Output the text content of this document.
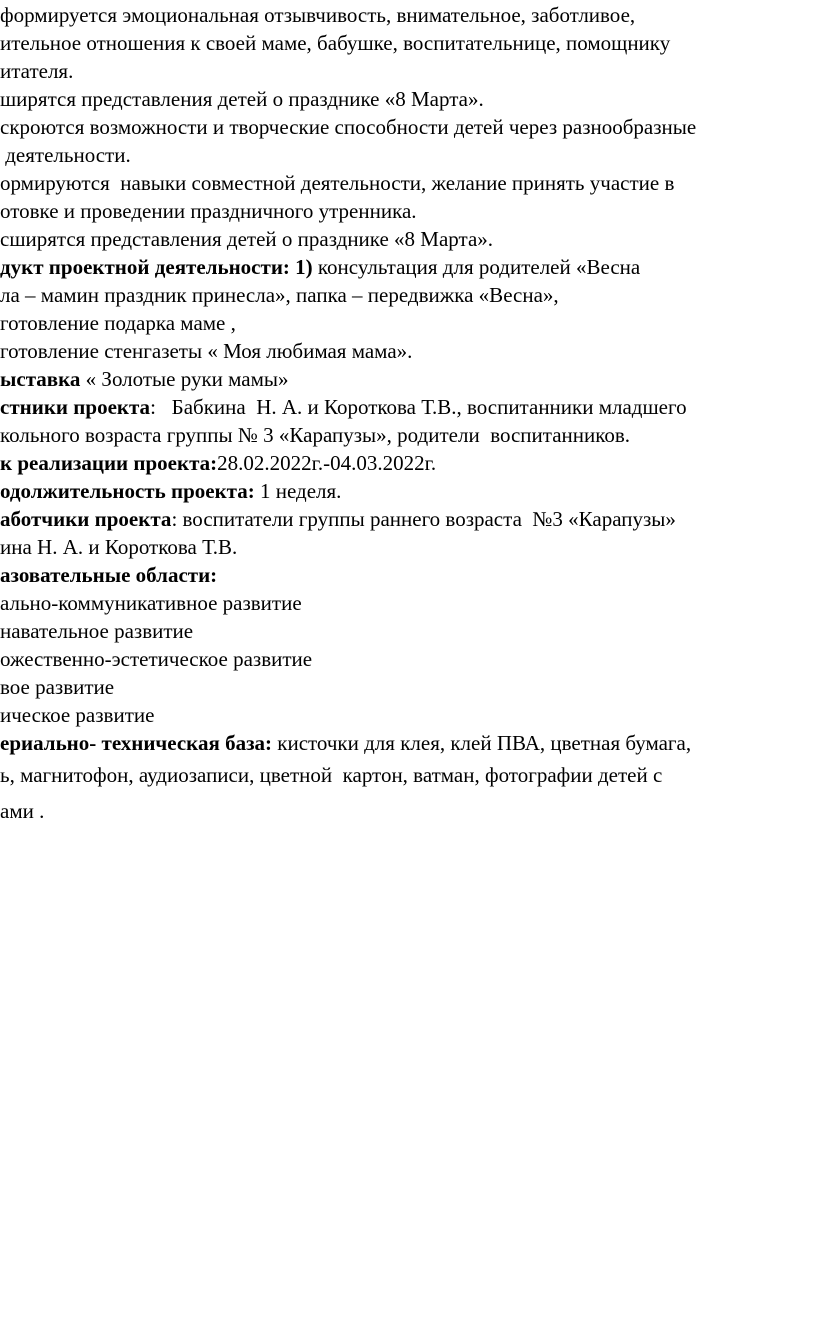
формируется эмоциональная отзывчивость, внимательное, заботливое,
ительное отношения к своей маме, бабушке, воспитательнице, помощнику
итателя.
ширятся представления детей о празднике «8 Марта».
скроются возможности и творческие способности детей через разнообразные
деятельности.
ормируются  навыки совместной деятельности, желание принять участие в
отовке и проведении праздничного утренника.
сширятся представления детей о празднике «8 Марта».
дукт проектной деятельности: 1) консультация для родителей «Весна
ла – мамин праздник принесла», папка – передвижка «Весна»,
готовление подарка маме ,
готовление стенгазеты « Моя любимая мама».
ыставка « Золотые руки мамы»
стники проекта:   Бабкина  Н. А. и Короткова Т.В., воспитанники младшего
кольного возраста группы № 3 «Карапузы», родители  воспитанников.
к реализации проекта:28.02.2022г.-04.03.2022г.
одолжительность проекта: 1 неделя.
аботчики проекта: воспитатели группы раннего возраста  №3 «Карапузы»
ина Н. А. и Короткова Т.В.
азовательные области:
ально-коммуникативное развитие
навательное развитие
ожественно-эстетическое развитие
вое развитие
ическое развитие
ериально- техническая база: кисточки для клея, клей ПВА, цветная бумага,
ь, магнитофон, аудиозаписи, цветной  картон, ватман, фотографии детей с
ами .
